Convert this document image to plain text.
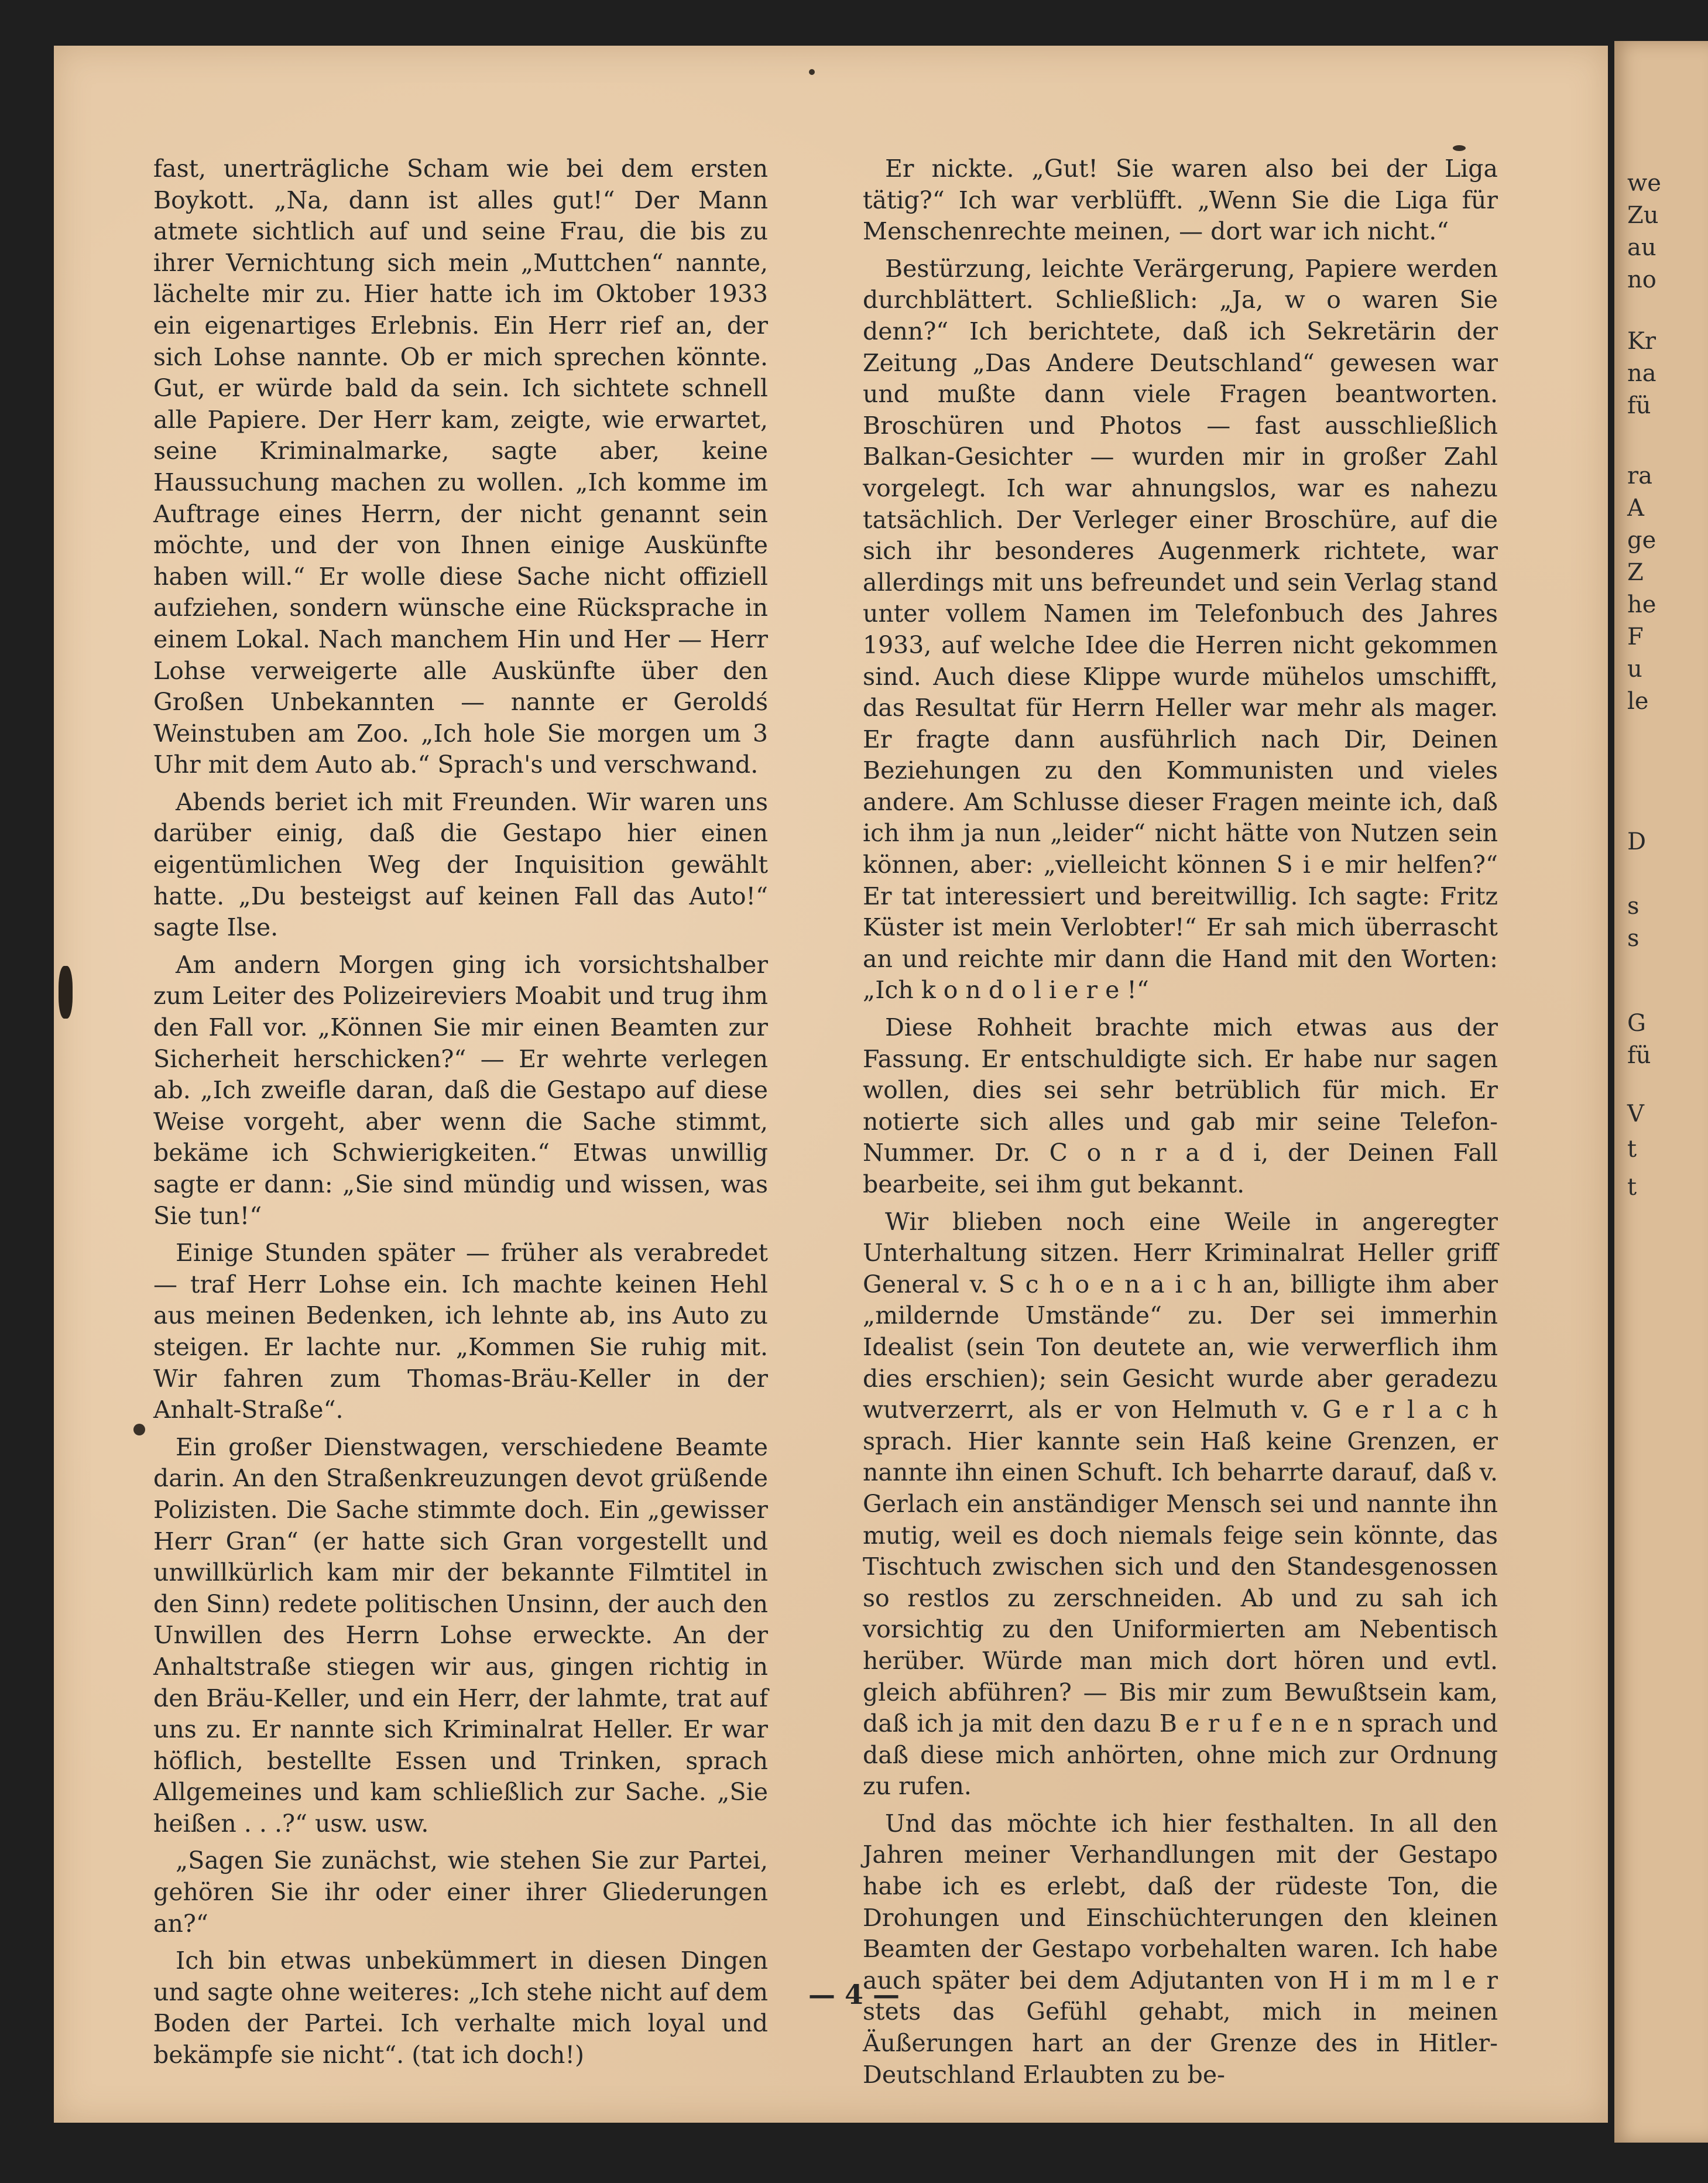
we
Zu
au
no
Kr
na
fü
ra
A
ge
Z
he
F
u
le
D
s
s
G
fü
V
t
t

fast, unerträgliche Scham wie bei dem ersten Boykott. „Na, dann ist alles gut!“ Der Mann atmete sichtlich auf und seine Frau, die bis zu ihrer Vernichtung sich mein „Muttchen“ nannte, lächelte mir zu. Hier hatte ich im Oktober 1933 ein eigenartiges Erlebnis. Ein Herr rief an, der sich Lohse nannte. Ob er mich sprechen könnte. Gut, er würde bald da sein. Ich sichtete schnell alle Papiere. Der Herr kam, zeigte, wie erwartet, seine Kriminalmarke, sagte aber, keine Haussuchung machen zu wollen. „Ich komme im Auftrage eines Herrn, der nicht genannt sein möchte, und der von Ihnen einige Auskünfte haben will.“ Er wolle diese Sache nicht offiziell aufziehen, sondern wünsche eine Rücksprache in einem Lokal. Nach manchem Hin und Her — Herr Lohse verweigerte alle Auskünfte über den Großen Unbekannten — nannte er Geroldś Weinstuben am Zoo. „Ich hole Sie morgen um 3 Uhr mit dem Auto ab.“ Sprach's und verschwand.

Abends beriet ich mit Freunden. Wir waren uns darüber einig, daß die Gestapo hier einen eigentümlichen Weg der Inquisition gewählt hatte. „Du besteigst auf keinen Fall das Auto!“ sagte Ilse.

Am andern Morgen ging ich vorsichtshalber zum Leiter des Polizeireviers Moabit und trug ihm den Fall vor. „Können Sie mir einen Beamten zur Sicherheit herschicken?“ — Er wehrte verlegen ab. „Ich zweifle daran, daß die Gestapo auf diese Weise vorgeht, aber wenn die Sache stimmt, bekäme ich Schwierigkeiten.“ Etwas unwillig sagte er dann: „Sie sind mündig und wissen, was Sie tun!“

Einige Stunden später — früher als verabredet — traf Herr Lohse ein. Ich machte keinen Hehl aus meinen Bedenken, ich lehnte ab, ins Auto zu steigen. Er lachte nur. „Kommen Sie ruhig mit. Wir fahren zum Thomas-Bräu-Keller in der Anhalt-Straße“.

Ein großer Dienstwagen, verschiedene Beamte darin. An den Straßenkreuzungen devot grüßende Polizisten. Die Sache stimmte doch. Ein „gewisser Herr Gran“ (er hatte sich Gran vorgestellt und unwillkürlich kam mir der bekannte Filmtitel in den Sinn) redete politischen Unsinn, der auch den Unwillen des Herrn Lohse erweckte. An der Anhaltstraße stiegen wir aus, gingen richtig in den Bräu-Keller, und ein Herr, der lahmte, trat auf uns zu. Er nannte sich Kriminalrat Heller. Er war höflich, bestellte Essen und Trinken, sprach Allgemeines und kam schließlich zur Sache. „Sie heißen . . .?“ usw. usw.

„Sagen Sie zunächst, wie stehen Sie zur Partei, gehören Sie ihr oder einer ihrer Gliederungen an?“

Ich bin etwas unbekümmert in diesen Dingen und sagte ohne weiteres: „Ich stehe nicht auf dem Boden der Partei. Ich verhalte mich loyal und bekämpfe sie nicht“. (tat ich doch!)

Er nickte. „Gut! Sie waren also bei der Liga tätig?“ Ich war verblüfft. „Wenn Sie die Liga für Menschenrechte meinen, — dort war ich nicht.“

Bestürzung, leichte Verärgerung, Papiere werden durchblättert. Schließlich: „Ja, w o waren Sie denn?“ Ich berichtete, daß ich Sekretärin der Zeitung „Das Andere Deutschland“ gewesen war und mußte dann viele Fragen beantworten. Broschüren und Photos — fast ausschließlich Balkan-Gesichter — wurden mir in großer Zahl vorgelegt. Ich war ahnungslos, war es nahezu tatsächlich. Der Verleger einer Broschüre, auf die sich ihr besonderes Augenmerk richtete, war allerdings mit uns befreundet und sein Verlag stand unter vollem Namen im Telefonbuch des Jahres 1933, auf welche Idee die Herren nicht gekommen sind. Auch diese Klippe wurde mühelos umschifft, das Resultat für Herrn Heller war mehr als mager. Er fragte dann ausführlich nach Dir, Deinen Beziehungen zu den Kommunisten und vieles andere. Am Schlusse dieser Fragen meinte ich, daß ich ihm ja nun „leider“ nicht hätte von Nutzen sein können, aber: „vielleicht können S i e mir helfen?“ Er tat interessiert und bereitwillig. Ich sagte: Fritz Küster ist mein Verlobter!“ Er sah mich überrascht an und reichte mir dann die Hand mit den Worten: „Ich k o n d o l i e r e !“

Diese Rohheit brachte mich etwas aus der Fassung. Er entschuldigte sich. Er habe nur sagen wollen, dies sei sehr betrüblich für mich. Er notierte sich alles und gab mir seine Telefon-Nummer. Dr. C o n r a d i, der Deinen Fall bearbeite, sei ihm gut bekannt.

Wir blieben noch eine Weile in angeregter Unterhaltung sitzen. Herr Kriminalrat Heller griff General v. S c h o e n a i c h an, billigte ihm aber „mildernde Umstände“ zu. Der sei immerhin Idealist (sein Ton deutete an, wie verwerflich ihm dies erschien); sein Gesicht wurde aber geradezu wutverzerrt, als er von Helmuth v. G e r l a c h sprach. Hier kannte sein Haß keine Grenzen, er nannte ihn einen Schuft. Ich beharrte darauf, daß v. Gerlach ein anständiger Mensch sei und nannte ihn mutig, weil es doch niemals feige sein könnte, das Tischtuch zwischen sich und den Standesgenossen so restlos zu zerschneiden. Ab und zu sah ich vorsichtig zu den Uniformierten am Nebentisch herüber. Würde man mich dort hören und evtl. gleich abführen? — Bis mir zum Bewußtsein kam, daß ich ja mit den dazu B e r u f e n e n sprach und daß diese mich anhörten, ohne mich zur Ordnung zu rufen.

Und das möchte ich hier festhalten. In all den Jahren meiner Verhandlungen mit der Gestapo habe ich es erlebt, daß der rüdeste Ton, die Drohungen und Einschüchterungen den kleinen Beamten der Gestapo vorbehalten waren. Ich habe auch später bei dem Adjutanten von H i m m l e r stets das Gefühl gehabt, mich in meinen Äußerungen hart an der Grenze des in Hitler-Deutschland Erlaubten zu be-

— 4 —
